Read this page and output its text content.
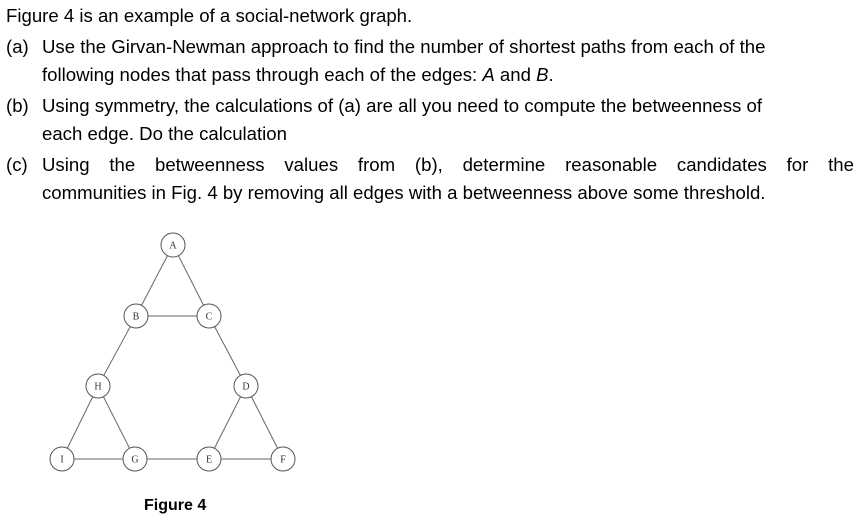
Figure 4 is an example of a social-network graph.
(a) Use the Girvan-Newman approach to find the number of shortest paths from each of the
following nodes that pass through each of the edges: A and B.
(b) Using symmetry, the calculations of (a) are all you need to compute the betweenness of
each edge. Do the calculation
(c) Using the betweenness values from (b), determine reasonable candidates for the
communities in Fig. 4 by removing all edges with a betweenness above some threshold.
A
B	C
H	D
I	G	E	F
Figure 4
